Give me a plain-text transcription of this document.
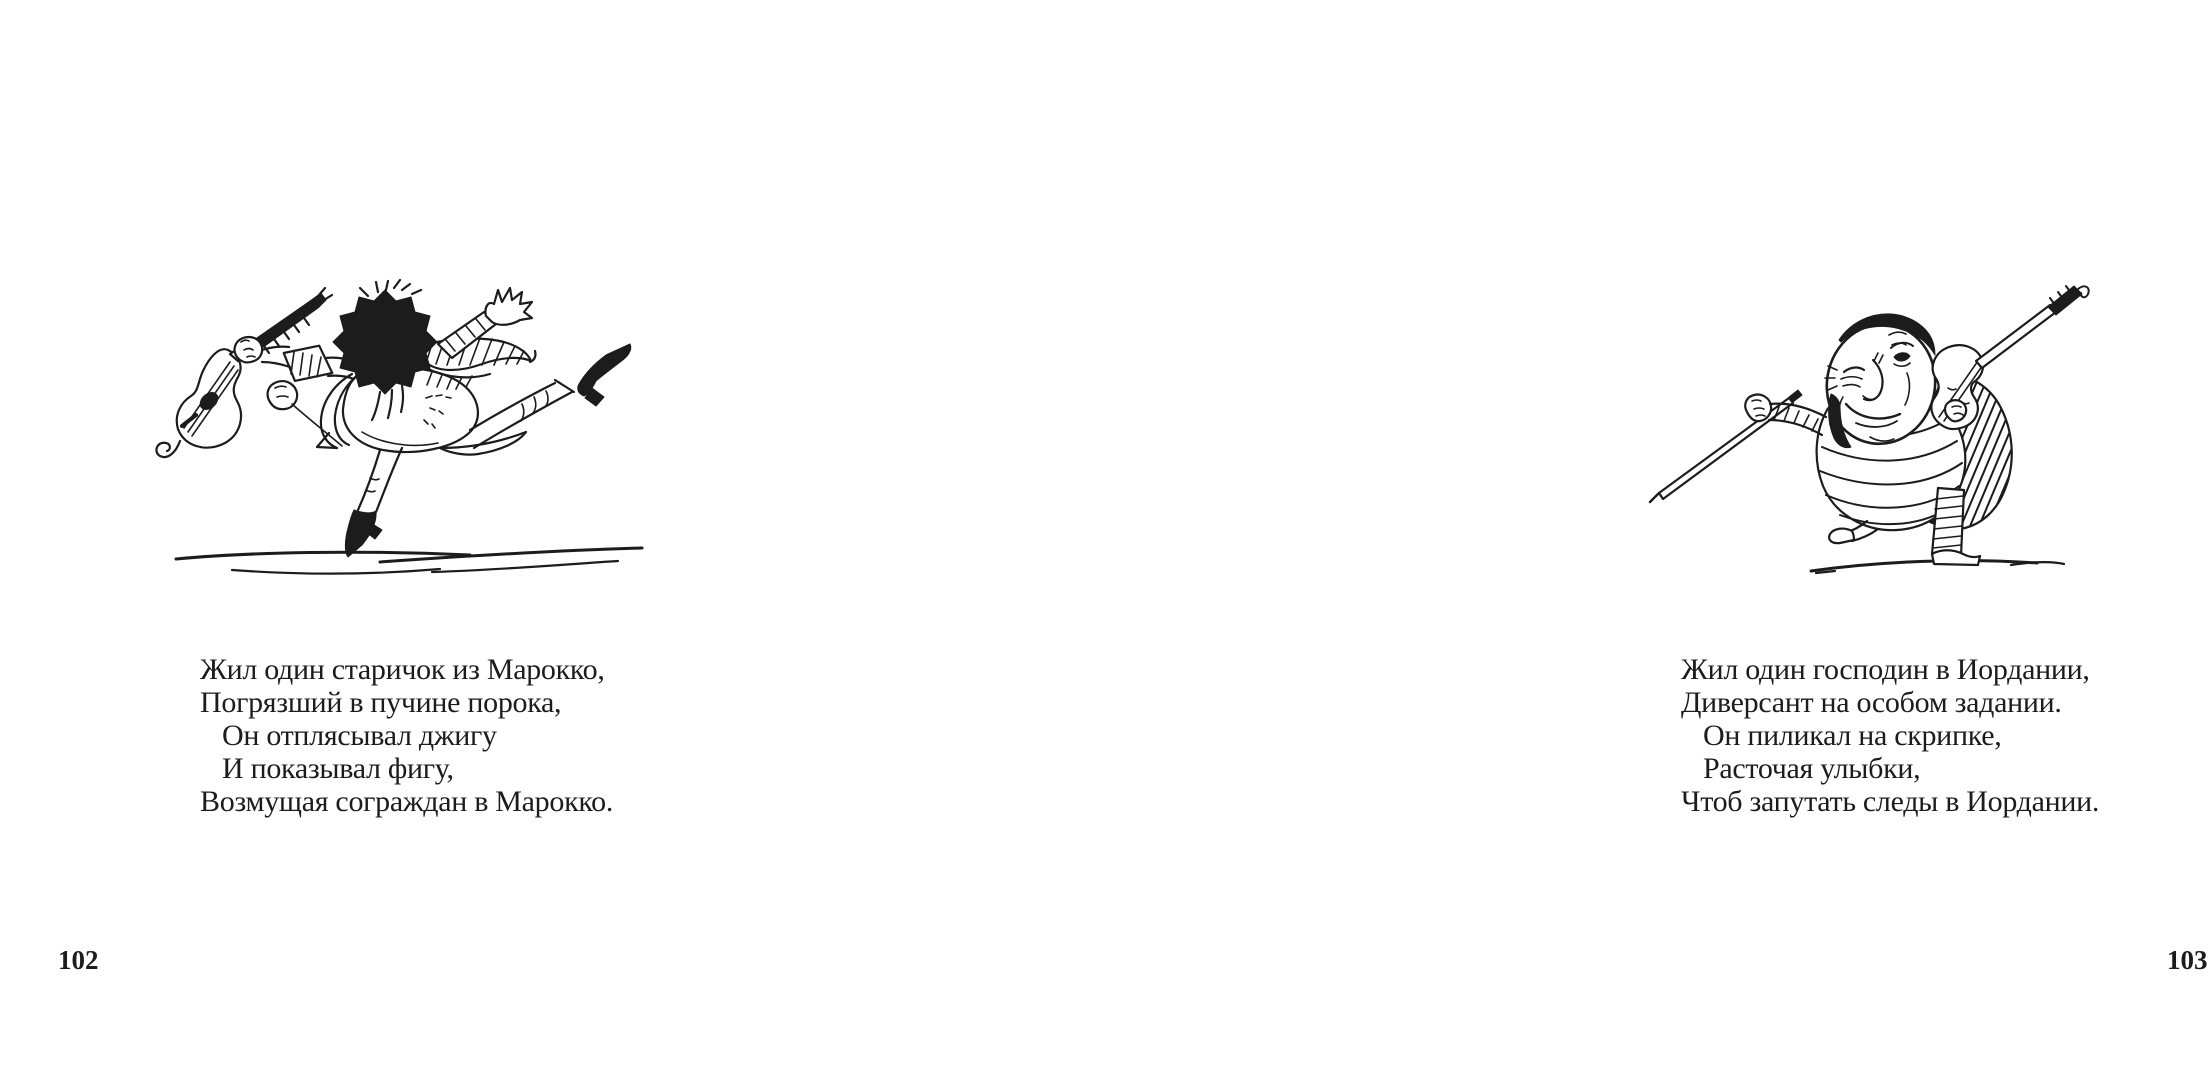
Жил один старичок из Марокко,

Погрязший в пучине порока,

Он отплясывал джигу

И показывал фигу,

Возмущая сограждан в Марокко.

102

Жил один господин в Иордании,

Диверсант на особом задании.

Он пиликал на скрипке,

Расточая улыбки,

Чтоб запутать следы в Иордании.

103
